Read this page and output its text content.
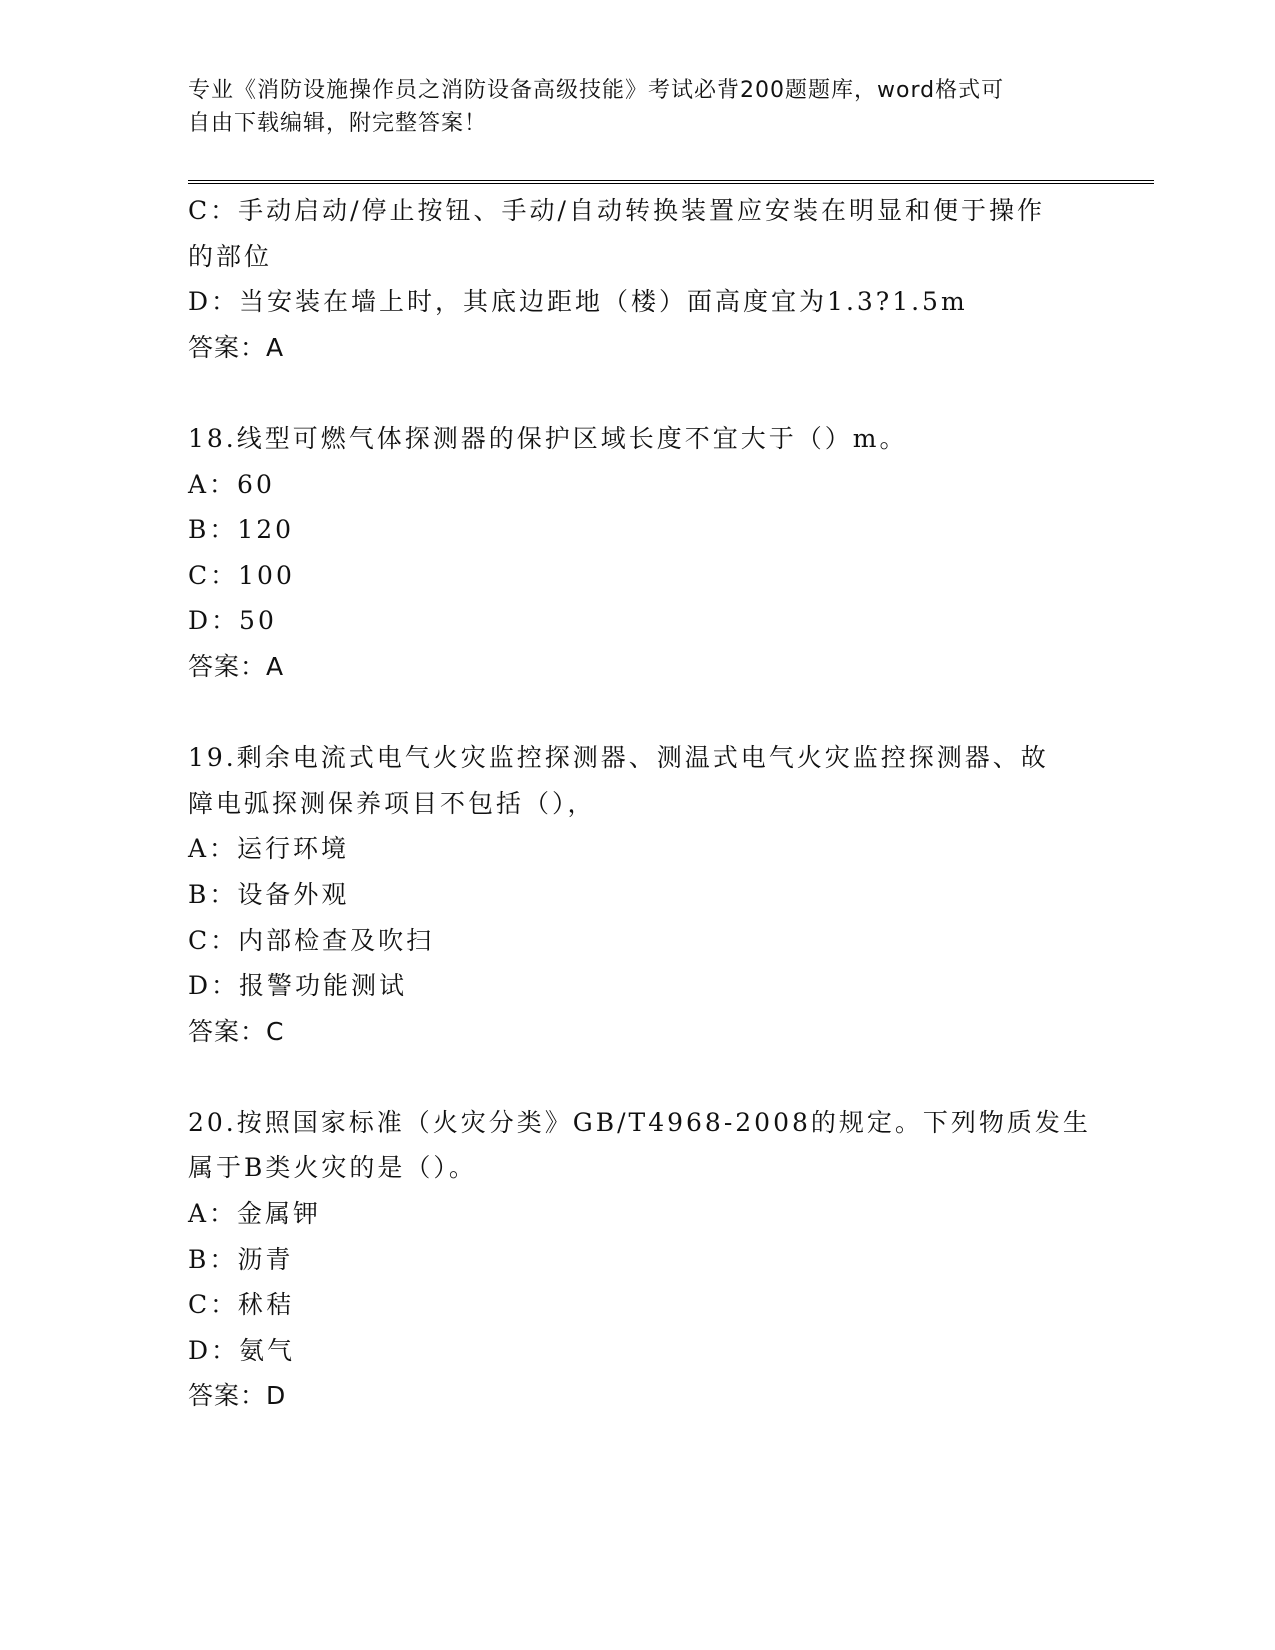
专业《消防设施操作员之消防设备高级技能》考试必背200题题库，word格式可
自由下载编辑，附完整答案！
C：手动启动/停止按钮、手动/自动转换装置应安装在明显和便于操作
的部位
D：当安装在墙上时，其底边距地（楼）面高度宜为1.3?1.5m
答案：A
18.线型可燃气体探测器的保护区域长度不宜大于（）m。
A：60
B：120
C：100
D：50
答案：A
19.剩余电流式电气火灾监控探测器、测温式电气火灾监控探测器、故
障电弧探测保养项目不包括（），
A：运行环境
B：设备外观
C：内部检查及吹扫
D：报警功能测试
答案：C
20.按照国家标准（火灾分类》GB/T4968-2008的规定。下列物质发生
属于B类火灾的是（）。
A：金属钾
B：沥青
C：秫秸
D：氨气
答案：D
